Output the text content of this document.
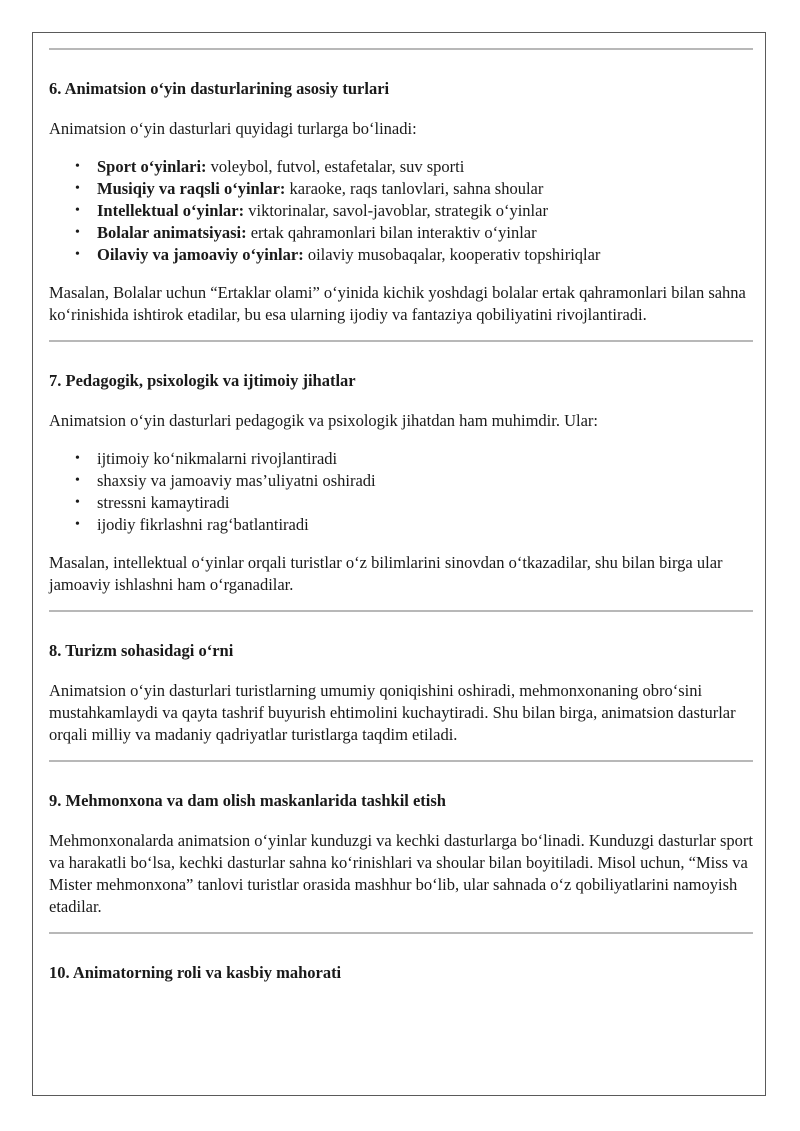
6. Animatsion o‘yin dasturlarining asosiy turlari

Animatsion o‘yin dasturlari quyidagi turlarga bo‘linadi:

• Sport o‘yinlari: voleybol, futvol, estafetalar, suv sporti
• Musiqiy va raqsli o‘yinlar: karaoke, raqs tanlovlari, sahna shoular
• Intellektual o‘yinlar: viktorinalar, savol-javoblar, strategik o‘yinlar
• Bolalar animatsiyasi: ertak qahramonlari bilan interaktiv o‘yinlar
• Oilaviy va jamoaviy o‘yinlar: oilaviy musobaqalar, kooperativ topshiriqlar

Masalan, Bolalar uchun “Ertaklar olami” o‘yinida kichik yoshdagi bolalar ertak qahramonlari bilan sahna ko‘rinishida ishtirok etadilar, bu esa ularning ijodiy va fantaziya qobiliyatini rivojlantiradi.

7. Pedagogik, psixologik va ijtimoiy jihatlar

Animatsion o‘yin dasturlari pedagogik va psixologik jihatdan ham muhimdir. Ular:

• ijtimoiy ko‘nikmalarni rivojlantiradi
• shaxsiy va jamoaviy mas’uliyatni oshiradi
• stressni kamaytiradi
• ijodiy fikrlashni rag‘batlantiradi

Masalan, intellektual o‘yinlar orqali turistlar o‘z bilimlarini sinovdan o‘tkazadilar, shu bilan birga ular jamoaviy ishlashni ham o‘rganadilar.

8. Turizm sohasidagi o‘rni

Animatsion o‘yin dasturlari turistlarning umumiy qoniqishini oshiradi, mehmonxonaning obro‘sini mustahkamlaydi va qayta tashrif buyurish ehtimolini kuchaytiradi. Shu bilan birga, animatsion dasturlar orqali milliy va madaniy qadriyatlar turistlarga taqdim etiladi.

9. Mehmonxona va dam olish maskanlarida tashkil etish

Mehmonxonalarda animatsion o‘yinlar kunduzgi va kechki dasturlarga bo‘linadi. Kunduzgi dasturlar sport va harakatli bo‘lsa, kechki dasturlar sahna ko‘rinishlari va shoular bilan boyitiladi. Misol uchun, “Miss va Mister mehmonxona” tanlovi turistlar orasida mashhur bo‘lib, ular sahnada o‘z qobiliyatlarini namoyish etadilar.

10. Animatorning roli va kasbiy mahorati
